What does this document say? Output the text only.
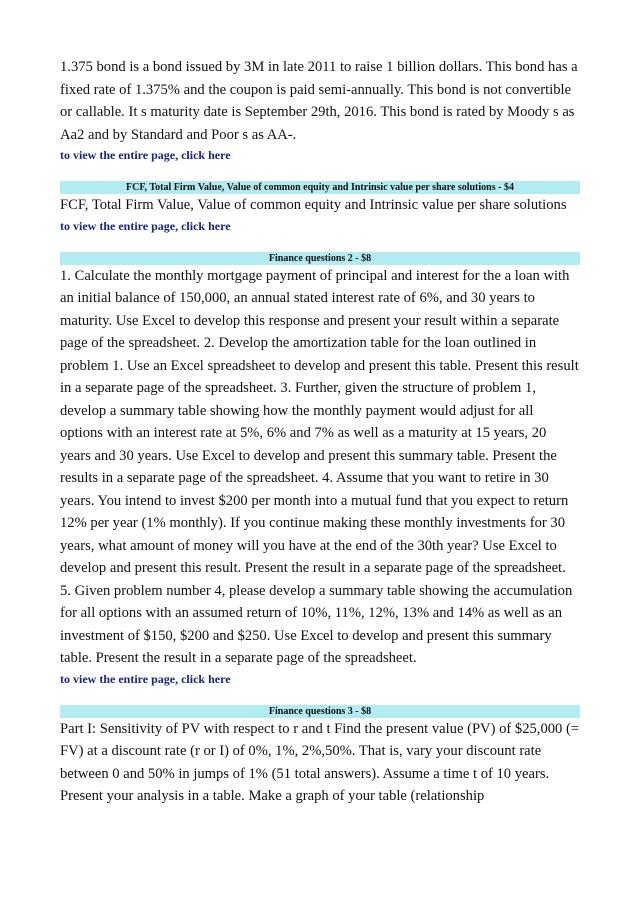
1.375 bond is a bond issued by 3M in late 2011 to raise 1 billion dollars. This bond has a fixed rate of 1.375% and the coupon is paid semi-annually. This bond is not convertible or callable. It s maturity date is September 29th, 2016. This bond is rated by Moody s as Aa2 and by Standard and Poor s as AA-.

to view the entire page, click here
FCF, Total Firm Value, Value of common equity and Intrinsic value per share solutions - $4

FCF, Total Firm Value, Value of common equity and Intrinsic value per share solutions

to view the entire page, click here
Finance questions 2 - $8

1. Calculate the monthly mortgage payment of principal and interest for the a loan with an initial balance of 150,000, an annual stated interest rate of 6%, and 30 years to maturity. Use Excel to develop this response and present your result within a separate page of the spreadsheet. 2. Develop the amortization table for the loan outlined in problem 1. Use an Excel spreadsheet to develop and present this table. Present this result in a separate page of the spreadsheet. 3. Further, given the structure of problem 1, develop a summary table showing how the monthly payment would adjust for all options with an interest rate at 5%, 6% and 7% as well as a maturity at 15 years, 20 years and 30 years. Use Excel to develop and present this summary table. Present the results in a separate page of the spreadsheet. 4. Assume that you want to retire in 30 years. You intend to invest $200 per month into a mutual fund that you expect to return 12% per year (1% monthly). If you continue making these monthly investments for 30 years, what amount of money will you have at the end of the 30th year? Use Excel to develop and present this result. Present the result in a separate page of the spreadsheet. 5. Given problem number 4, please develop a summary table showing the accumulation for all options with an assumed return of 10%, 11%, 12%, 13% and 14% as well as an investment of $150, $200 and $250. Use Excel to develop and present this summary table. Present the result in a separate page of the spreadsheet.

to view the entire page, click here
Finance questions 3 - $8

Part I: Sensitivity of PV with respect to r and t Find the present value (PV) of $25,000 (= FV) at a discount rate (r or I) of 0%, 1%, 2%,50%. That is, vary your discount rate between 0 and 50% in jumps of 1% (51 total answers). Assume a time t of 10 years. Present your analysis in a table. Make a graph of your table (relationship
